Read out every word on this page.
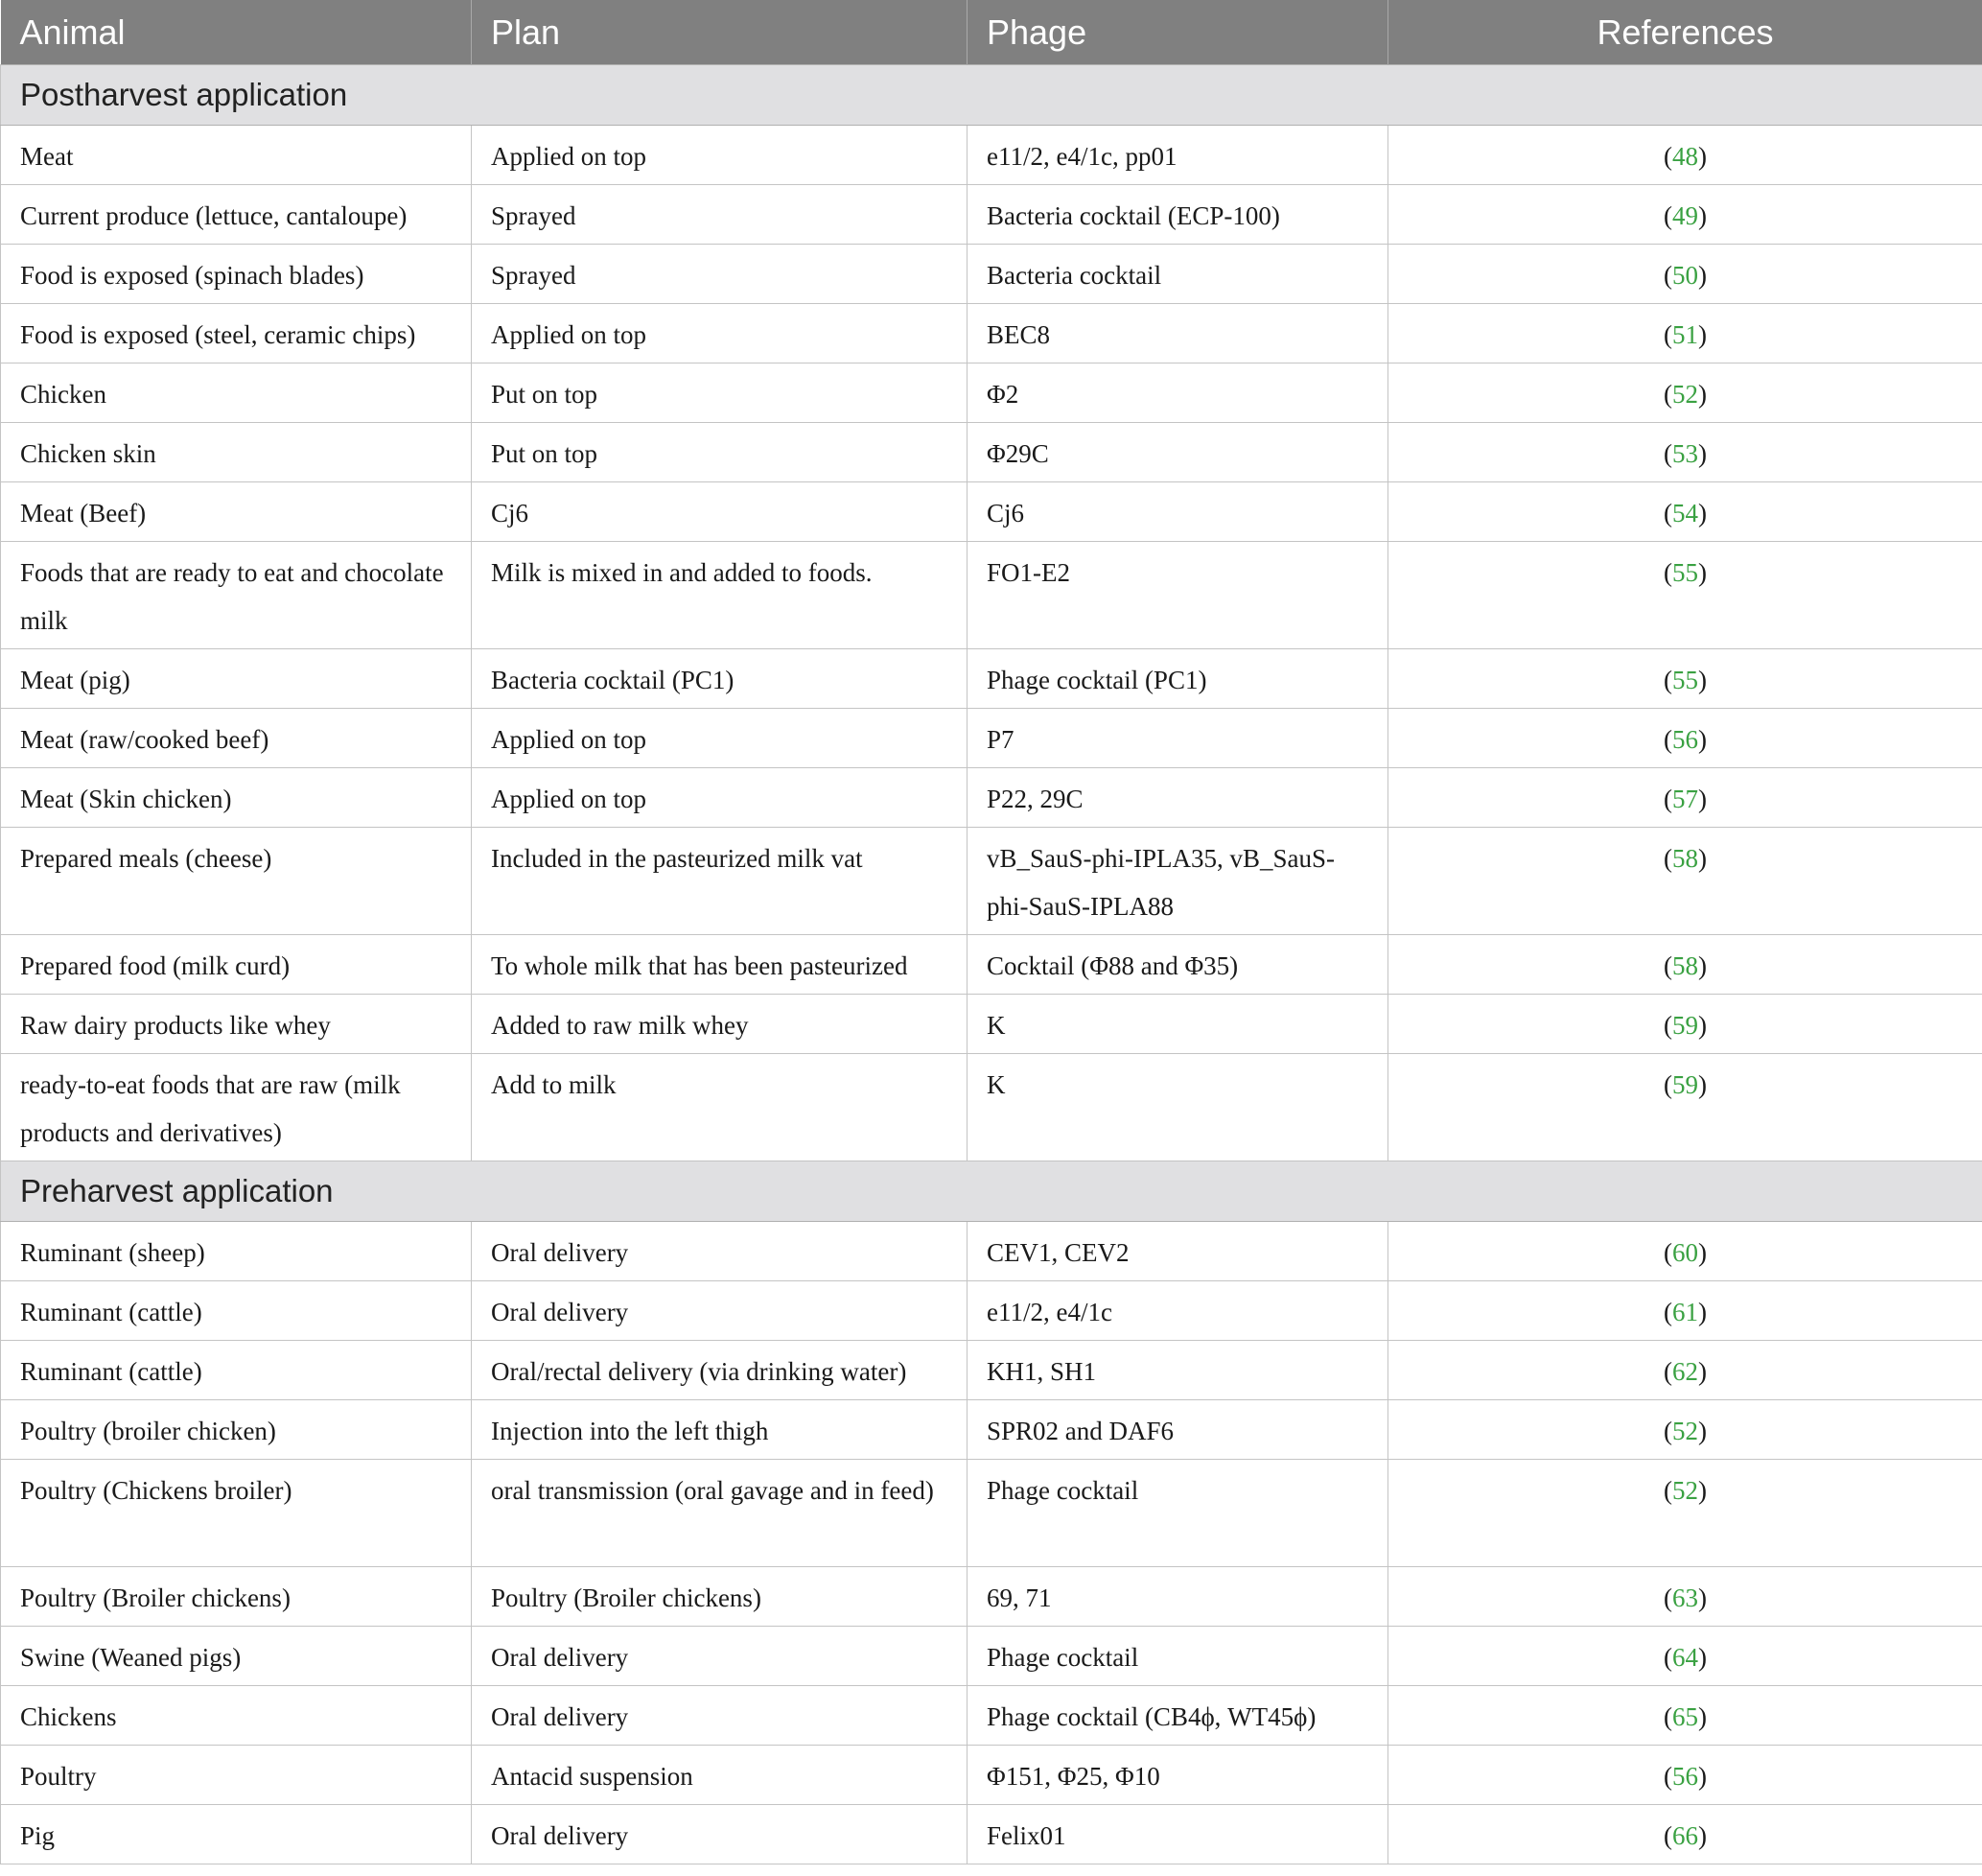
Animal	Plan	Phage	References
Postharvest application			
Meat	Applied on top	e11/2, e4/1c, pp01	(48)
Current produce (lettuce, cantaloupe)	Sprayed	Bacteria cocktail (ECP-100)	(49)
Food is exposed (spinach blades)	Sprayed	Bacteria cocktail	(50)
Food is exposed (steel, ceramic chips)	Applied on top	BEC8	(51)
Chicken	Put on top	Φ2	(52)
Chicken skin	Put on top	Φ29C	(53)
Meat (Beef)	Cj6	Cj6	(54)
Foods that are ready to eat and chocolate milk	Milk is mixed in and added to foods.	FO1-E2	(55)
Meat (pig)	Bacteria cocktail (PC1)	Phage cocktail (PC1)	(55)
Meat (raw/cooked beef)	Applied on top	P7	(56)
Meat (Skin chicken)	Applied on top	P22, 29C	(57)
Prepared meals (cheese)	Included in the pasteurized milk vat	vB_SauS-phi-IPLA35, vB_SauS-phi-SauS-IPLA88	(58)
Prepared food (milk curd)	To whole milk that has been pasteurized	Cocktail (Φ88 and Φ35)	(58)
Raw dairy products like whey	Added to raw milk whey	K	(59)
ready-to-eat foods that are raw (milk products and derivatives)	Add to milk	K	(59)
Preharvest application			
Ruminant (sheep)	Oral delivery	CEV1, CEV2	(60)
Ruminant (cattle)	Oral delivery	e11/2, e4/1c	(61)
Ruminant (cattle)	Oral/rectal delivery (via drinking water)	KH1, SH1	(62)
Poultry (broiler chicken)	Injection into the left thigh	SPR02 and DAF6	(52)
Poultry (Chickens broiler)	oral transmission (oral gavage and in feed)	Phage cocktail	(52)
Poultry (Broiler chickens)	Poultry (Broiler chickens)	69, 71	(63)
Swine (Weaned pigs)	Oral delivery	Phage cocktail	(64)
Chickens	Oral delivery	Phage cocktail (CB4ϕ, WT45ϕ)	(65)
Poultry	Antacid suspension	Φ151, Φ25, Φ10	(56)
Pig	Oral delivery	Felix01	(66)
